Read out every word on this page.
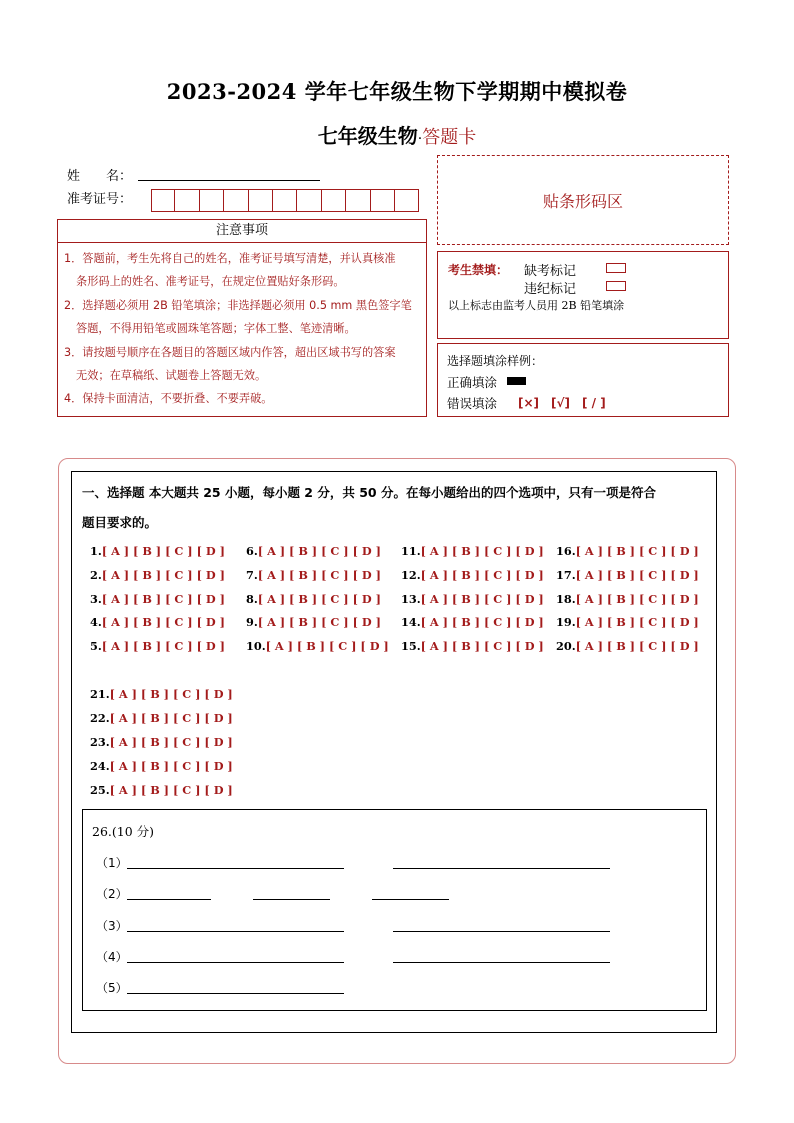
2023-2024 学年七年级生物下学期期中模拟卷
七年级生物·答题卡
姓　　名：
准考证号：	贴条形码区
注意事项
1．答题前，考生先将自己的姓名，准考证号填写清楚，并认真核准
条形码上的姓名、准考证号，在规定位置贴好条形码。
2．选择题必须用 2B 铅笔填涂；非选择题必须用 0.5 mm 黑色签字笔
答题，不得用铅笔或圆珠笔答题；字体工整、笔迹清晰。
3．请按题号顺序在各题目的答题区域内作答，超出区域书写的答案
无效；在草稿纸、试题卷上答题无效。
4．保持卡面清洁，不要折叠、不要弄破。
考生禁填： 缺考标记
违纪标记
以上标志由监考人员用 2B 铅笔填涂
选择题填涂样例：
正确填涂
错误填涂 [×]　[√]　[ / ]
一、选择题 本大题共 25 小题，每小题 2 分，共 50 分。在每小题给出的四个选项中，只有一项是符合
题目要求的。
1.[ A ] [ B ] [ C ] [ D ]
2.[ A ] [ B ] [ C ] [ D ]
3.[ A ] [ B ] [ C ] [ D ]
4.[ A ] [ B ] [ C ] [ D ]
5.[ A ] [ B ] [ C ] [ D ]
6.[ A ] [ B ] [ C ] [ D ]
7.[ A ] [ B ] [ C ] [ D ]
8.[ A ] [ B ] [ C ] [ D ]
9.[ A ] [ B ] [ C ] [ D ]
10.[ A ] [ B ] [ C ] [ D ]
11.[ A ] [ B ] [ C ] [ D ]
12.[ A ] [ B ] [ C ] [ D ]
13.[ A ] [ B ] [ C ] [ D ]
14.[ A ] [ B ] [ C ] [ D ]
15.[ A ] [ B ] [ C ] [ D ]
16.[ A ] [ B ] [ C ] [ D ]
17.[ A ] [ B ] [ C ] [ D ]
18.[ A ] [ B ] [ C ] [ D ]
19.[ A ] [ B ] [ C ] [ D ]
20.[ A ] [ B ] [ C ] [ D ]
21.[ A ] [ B ] [ C ] [ D ]
22.[ A ] [ B ] [ C ] [ D ]
23.[ A ] [ B ] [ C ] [ D ]
24.[ A ] [ B ] [ C ] [ D ]
25.[ A ] [ B ] [ C ] [ D ]
26.(10 分)
（1）
（2）
（3）
（4）
（5）
